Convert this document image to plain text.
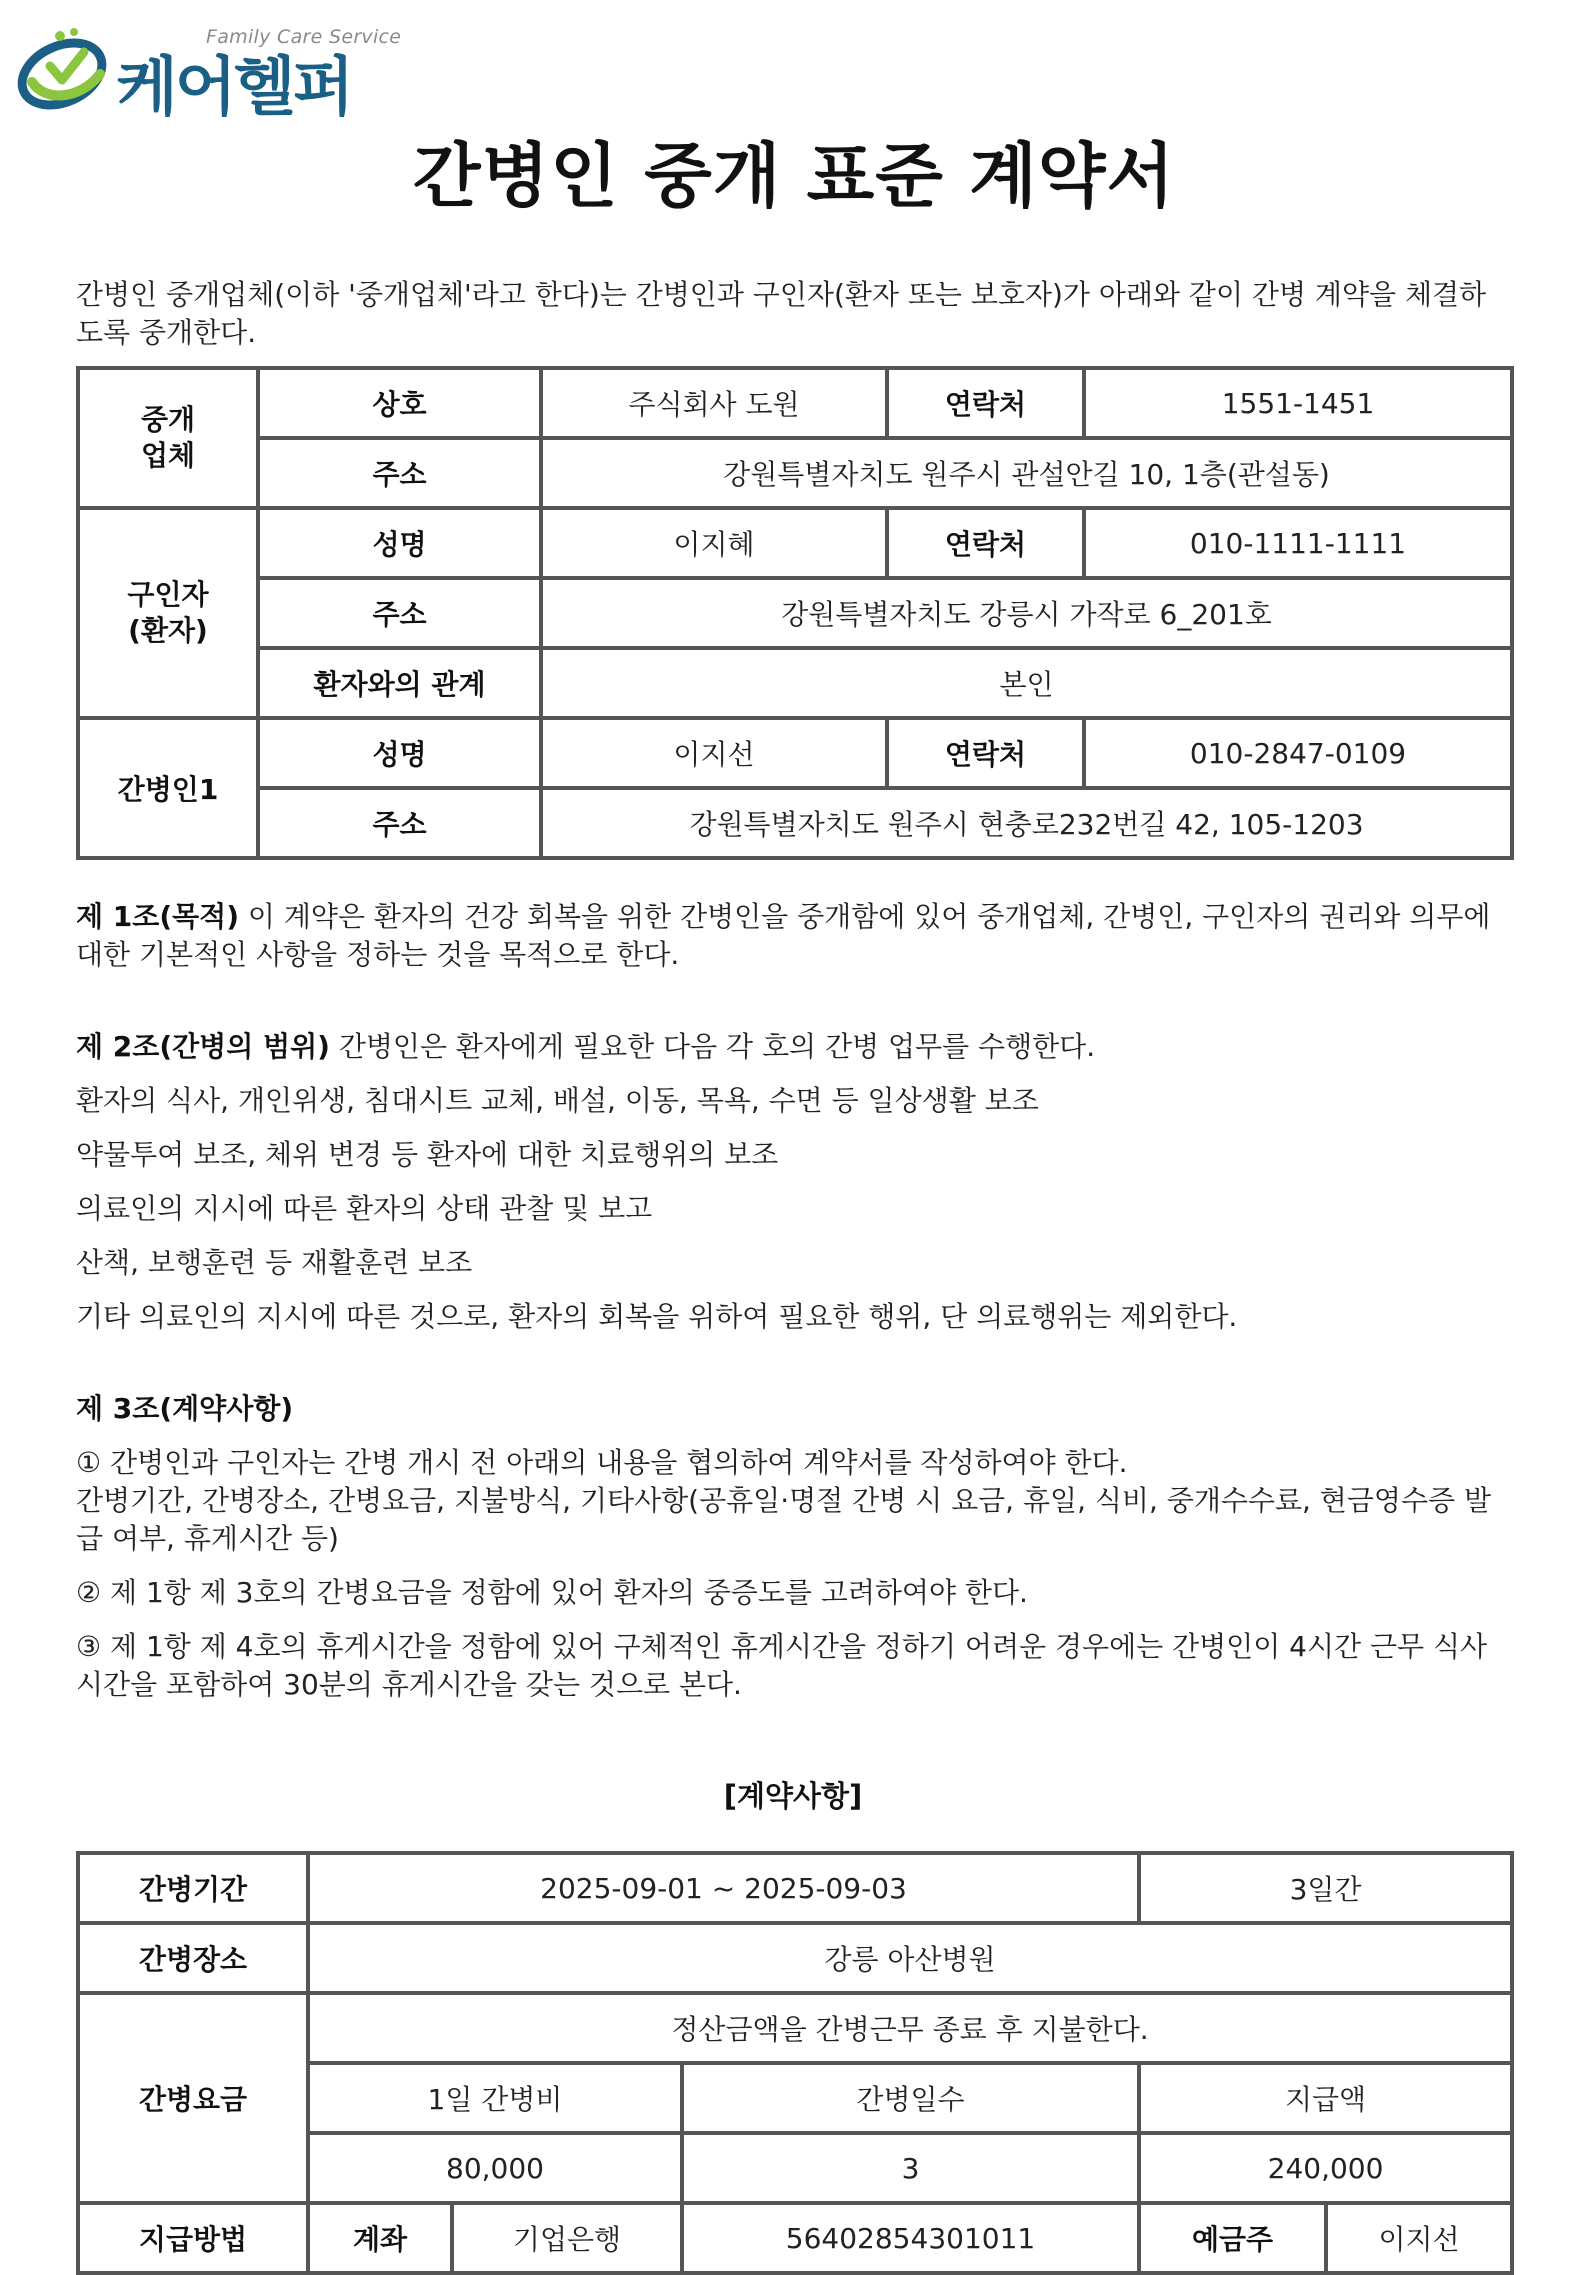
Family Care Service
케어헬퍼
간병인 중개 표준 계약서

간병인 중개업체(이하 '중개업체'라고 한다)는 간병인과 구인자(환자 또는 보호자)가 아래와 같이 간병 계약을 체결하도록 중개한다.

중개
업체	상호	주식회사 도원	연락처	1551-1451
	주소	강원특별자치도 원주시 관설안길 10, 1층(관설동)		
구인자
(환자)	성명	이지혜	연락처	010-1111-1111
	주소	강원특별자치도 강릉시 가작로 6_201호		
	환자와의 관계	본인		
간병인1	성명	이지선	연락처	010-2847-0109
	주소	강원특별자치도 원주시 현충로232번길 42, 105-1203		

제 1조(목적) 이 계약은 환자의 건강 회복을 위한 간병인을 중개함에 있어 중개업체, 간병인, 구인자의 권리와 의무에 대한 기본적인 사항을 정하는 것을 목적으로 한다.

제 2조(간병의 범위) 간병인은 환자에게 필요한 다음 각 호의 간병 업무를 수행한다.

환자의 식사, 개인위생, 침대시트 교체, 배설, 이동, 목욕, 수면 등 일상생활 보조

약물투여 보조, 체위 변경 등 환자에 대한 치료행위의 보조

의료인의 지시에 따른 환자의 상태 관찰 및 보고

산책, 보행훈련 등 재활훈련 보조

기타 의료인의 지시에 따른 것으로, 환자의 회복을 위하여 필요한 행위, 단 의료행위는 제외한다.

제 3조(계약사항)

① 간병인과 구인자는 간병 개시 전 아래의 내용을 협의하여 계약서를 작성하여야 한다.
간병기간, 간병장소, 간병요금, 지불방식, 기타사항(공휴일·명절 간병 시 요금, 휴일, 식비, 중개수수료, 현금영수증 발급 여부, 휴게시간 등)

② 제 1항 제 3호의 간병요금을 정함에 있어 환자의 중증도를 고려하여야 한다.

③ 제 1항 제 4호의 휴게시간을 정함에 있어 구체적인 휴게시간을 정하기 어려운 경우에는 간병인이 4시간 근무 식사시간을 포함하여 30분의 휴게시간을 갖는 것으로 본다.

[계약사항]

간병기간	2025-09-01 ~ 2025-09-03			3일간	
간병장소	강릉 아산병원				
간병요금	정산금액을 간병근무 종료 후 지불한다.				
	1일 간병비		간병일수	지급액	
	80,000		3	240,000	
지급방법	계좌	기업은행	56402854301011	예금주	이지선
